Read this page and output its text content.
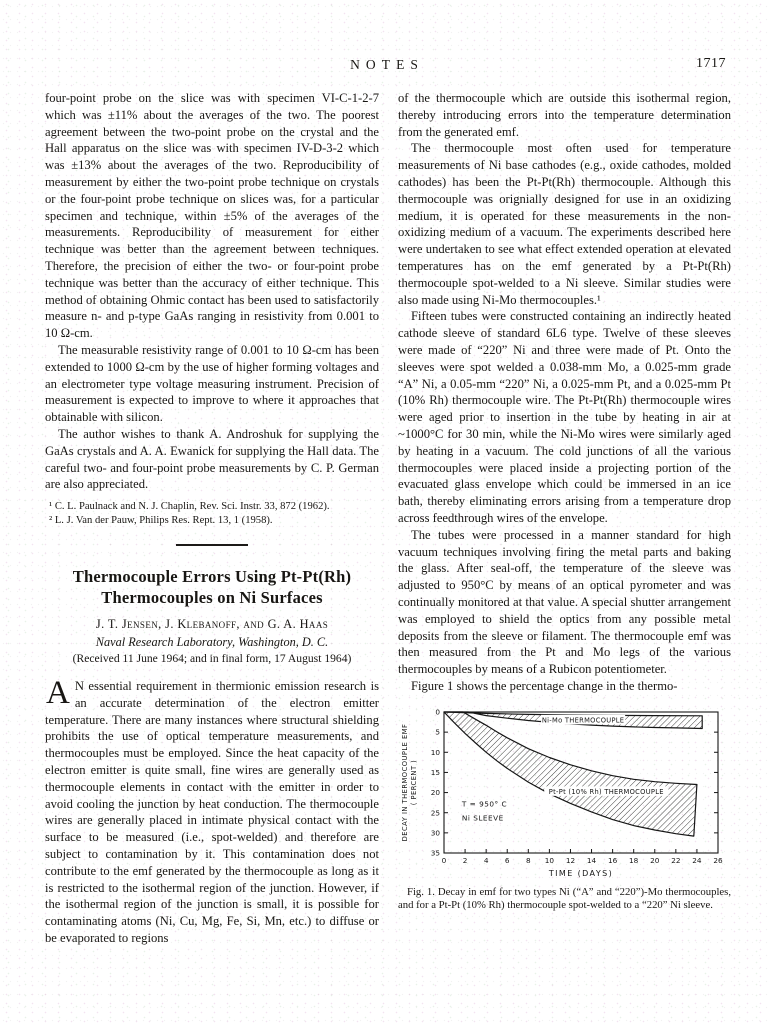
NOTES	1717

four-point probe on the slice was with specimen VI-C-1-2-7 which was ±11% about the averages of the two. The poorest agreement between the two-point probe on the crystal and the Hall apparatus on the slice was with specimen IV-D-3-2 which was ±13% about the averages of the two. Reproducibility of measurement by either the two-point probe technique on crystals or the four-point probe technique on slices was, for a particular specimen and technique, within ±5% of the averages of the measurements. Reproducibility of measurement for either technique was better than the agreement between techniques. Therefore, the precision of either the two- or four-point probe technique was better than the accuracy of either technique. This method of obtaining Ohmic contact has been used to satisfactorily measure n- and p-type GaAs ranging in resistivity from 0.001 to 10 Ω-cm.

The measurable resistivity range of 0.001 to 10 Ω-cm has been extended to 1000 Ω-cm by the use of higher forming voltages and an electrometer type voltage measuring instrument. Precision of measurement is expected to improve to where it approaches that obtainable with silicon.

The author wishes to thank A. Androshuk for supplying the GaAs crystals and A. A. Ewanick for supplying the Hall data. The careful two- and four-point probe measurements by C. P. German are also appreciated.

¹ C. L. Paulnack and N. J. Chaplin, Rev. Sci. Instr. 33, 872 (1962).

² L. J. Van der Pauw, Philips Res. Rept. 13, 1 (1958).

Thermocouple Errors Using Pt-Pt(Rh)
Thermocouples on Ni Surfaces
J. T. Jensen, J. Klebanoff, and G. A. Haas
Naval Research Laboratory, Washington, D. C.
(Received 11 June 1964; and in final form, 17 August 1964)

A N essential requirement in thermionic emission research is an accurate determination of the electron emitter temperature. There are many instances where structural shielding prohibits the use of optical temperature measurements, and thermocouples must be employed. Since the heat capacity of the electron emitter is quite small, fine wires are generally used as thermocouple elements in contact with the emitter in order to avoid cooling the junction by heat conduction. The thermocouple wires are generally placed in intimate physical contact with the surface to be measured (i.e., spot-welded) and therefore are subject to contamination by it. This contamination does not contribute to the emf generated by the thermocouple as long as it is restricted to the isothermal region of the junction. However, if the isothermal region of the junction is small, it is possible for contaminating atoms (Ni, Cu, Mg, Fe, Si, Mn, etc.) to diffuse or be evaporated to regions

of the thermocouple which are outside this isothermal region, thereby introducing errors into the temperature determination from the generated emf.

The thermocouple most often used for temperature measurements of Ni base cathodes (e.g., oxide cathodes, molded cathodes) has been the Pt-Pt(Rh) thermocouple. Although this thermocouple was orignially designed for use in an oxidizing medium, it is operated for these measurements in the non-oxidizing medium of a vacuum. The experiments described here were undertaken to see what effect extended operation at elevated temperatures has on the emf generated by a Pt-Pt(Rh) thermocouple spot-welded to a Ni sleeve. Similar studies were also made using Ni-Mo thermocouples.¹

Fifteen tubes were constructed containing an indirectly heated cathode sleeve of standard 6L6 type. Twelve of these sleeves were made of “220” Ni and three were made of Pt. Onto the sleeves were spot welded a 0.038-mm Mo, a 0.025-mm grade “A” Ni, a 0.05-mm “220” Ni, a 0.025-mm Pt, and a 0.025-mm Pt (10% Rh) thermocouple wire. The Pt-Pt(Rh) thermocouple wires were aged prior to insertion in the tube by heating in air at ~1000°C for 30 min, while the Ni-Mo wires were similarly aged by heating in a vacuum. The cold junctions of all the various thermocouples were placed inside a projecting portion of the evacuated glass envelope which could be immersed in an ice bath, thereby eliminating errors arising from a temperature drop across feedthrough wires of the envelope.

The tubes were processed in a manner standard for high vacuum techniques involving firing the metal parts and baking the glass. After seal-off, the temperature of the sleeve was adjusted to 950°C by means of an optical pyrometer and was continually monitored at that value. A special shutter arrangement was employed to shield the optics from any possible metal deposits from the sleeve or filament. The thermocouple emf was then measured from the Pt and Mo legs of the various thermocouples by means of a Rubicon potentiometer.

Figure 1 shows the percentage change in the thermo-

0 2 4 6 8 10 12 14 16 18 20 22 24 26
0
5
10
15
20
25
30
35
Ni-Mo THERMOCOUPLE
Pt-Pt (10% Rh) THERMOCOUPLE
T = 950° C
Ni SLEEVE
TIME (DAYS)
DECAY IN THERMOCOUPLE EMF ( PERCENT )
Fig. 1. Decay in emf for two types Ni (“A” and “220”)-Mo thermocouples, and for a Pt-Pt (10% Rh) thermocouple spot-welded to a “220” Ni sleeve.
